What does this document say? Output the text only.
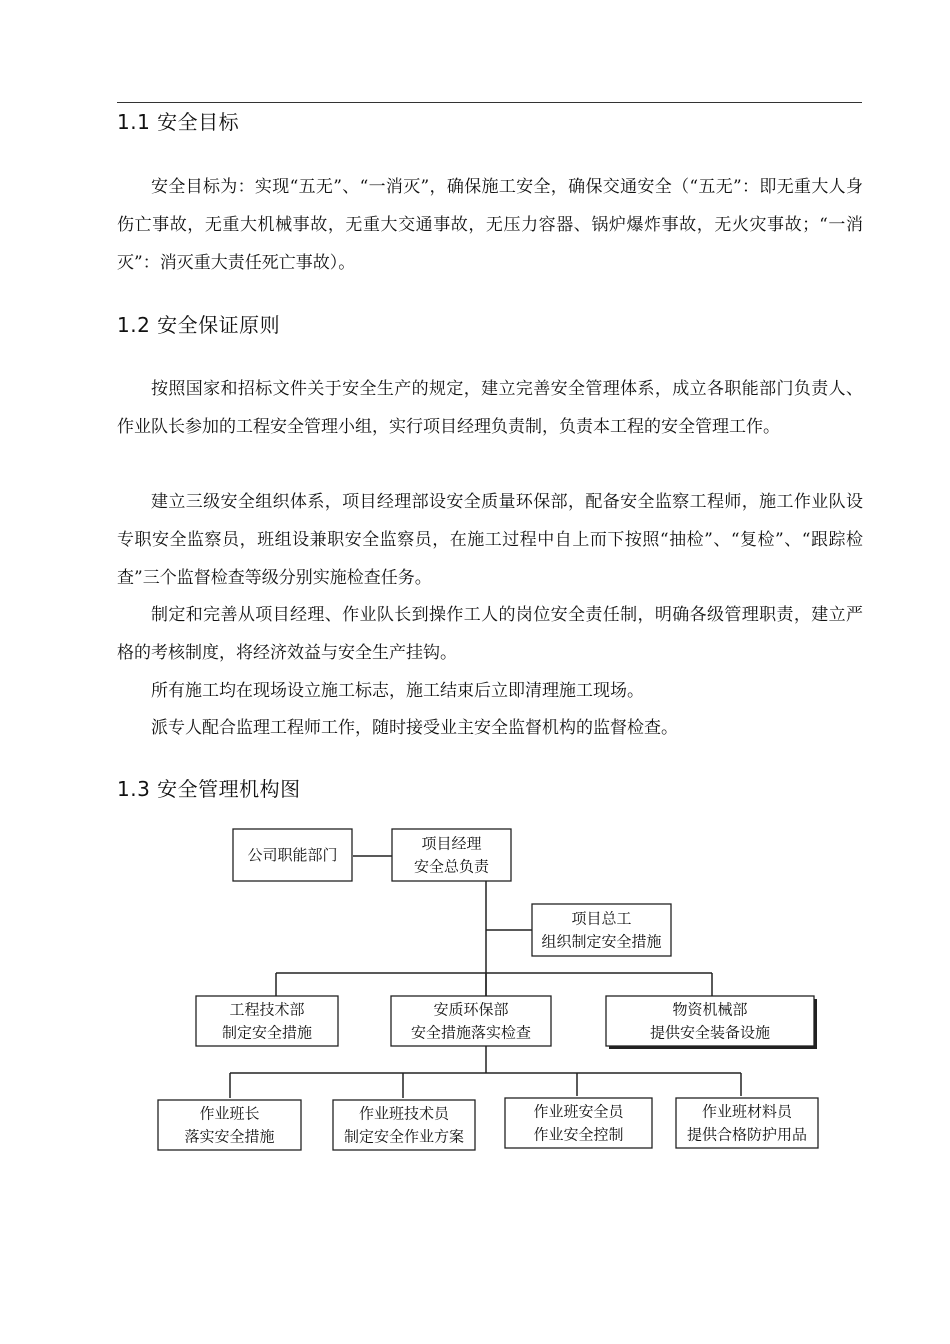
1.1 安全目标

安全目标为：实现“五无”、“一消灭”，确保施工安全，确保交通安全（“五无”：即无重大人身伤亡事故，无重大机械事故，无重大交通事故，无压力容器、锅炉爆炸事故，无火灾事故；“一消灭”：消灭重大责任死亡事故）。

1.2 安全保证原则

按照国家和招标文件关于安全生产的规定，建立完善安全管理体系，成立各职能部门负责人、作业队长参加的工程安全管理小组，实行项目经理负责制，负责本工程的安全管理工作。

建立三级安全组织体系，项目经理部设安全质量环保部，配备安全监察工程师，施工作业队设专职安全监察员，班组设兼职安全监察员，在施工过程中自上而下按照“抽检”、“复检”、“跟踪检查”三个监督检查等级分别实施检查任务。

制定和完善从项目经理、作业队长到操作工人的岗位安全责任制，明确各级管理职责，建立严格的考核制度，将经济效益与安全生产挂钩。

所有施工均在现场设立施工标志，施工结束后立即清理施工现场。

派专人配合监理工程师工作，随时接受业主安全监督机构的监督检查。

1.3 安全管理机构图
公司职能部门
项目经理
安全总负责
项目总工
组织制定安全措施
工程技术部
制定安全措施
安质环保部
安全措施落实检查
物资机械部
提供安全装备设施
作业班长
落实安全措施
作业班技术员
制定安全作业方案
作业班安全员
作业安全控制
作业班材料员
提供合格防护用品
